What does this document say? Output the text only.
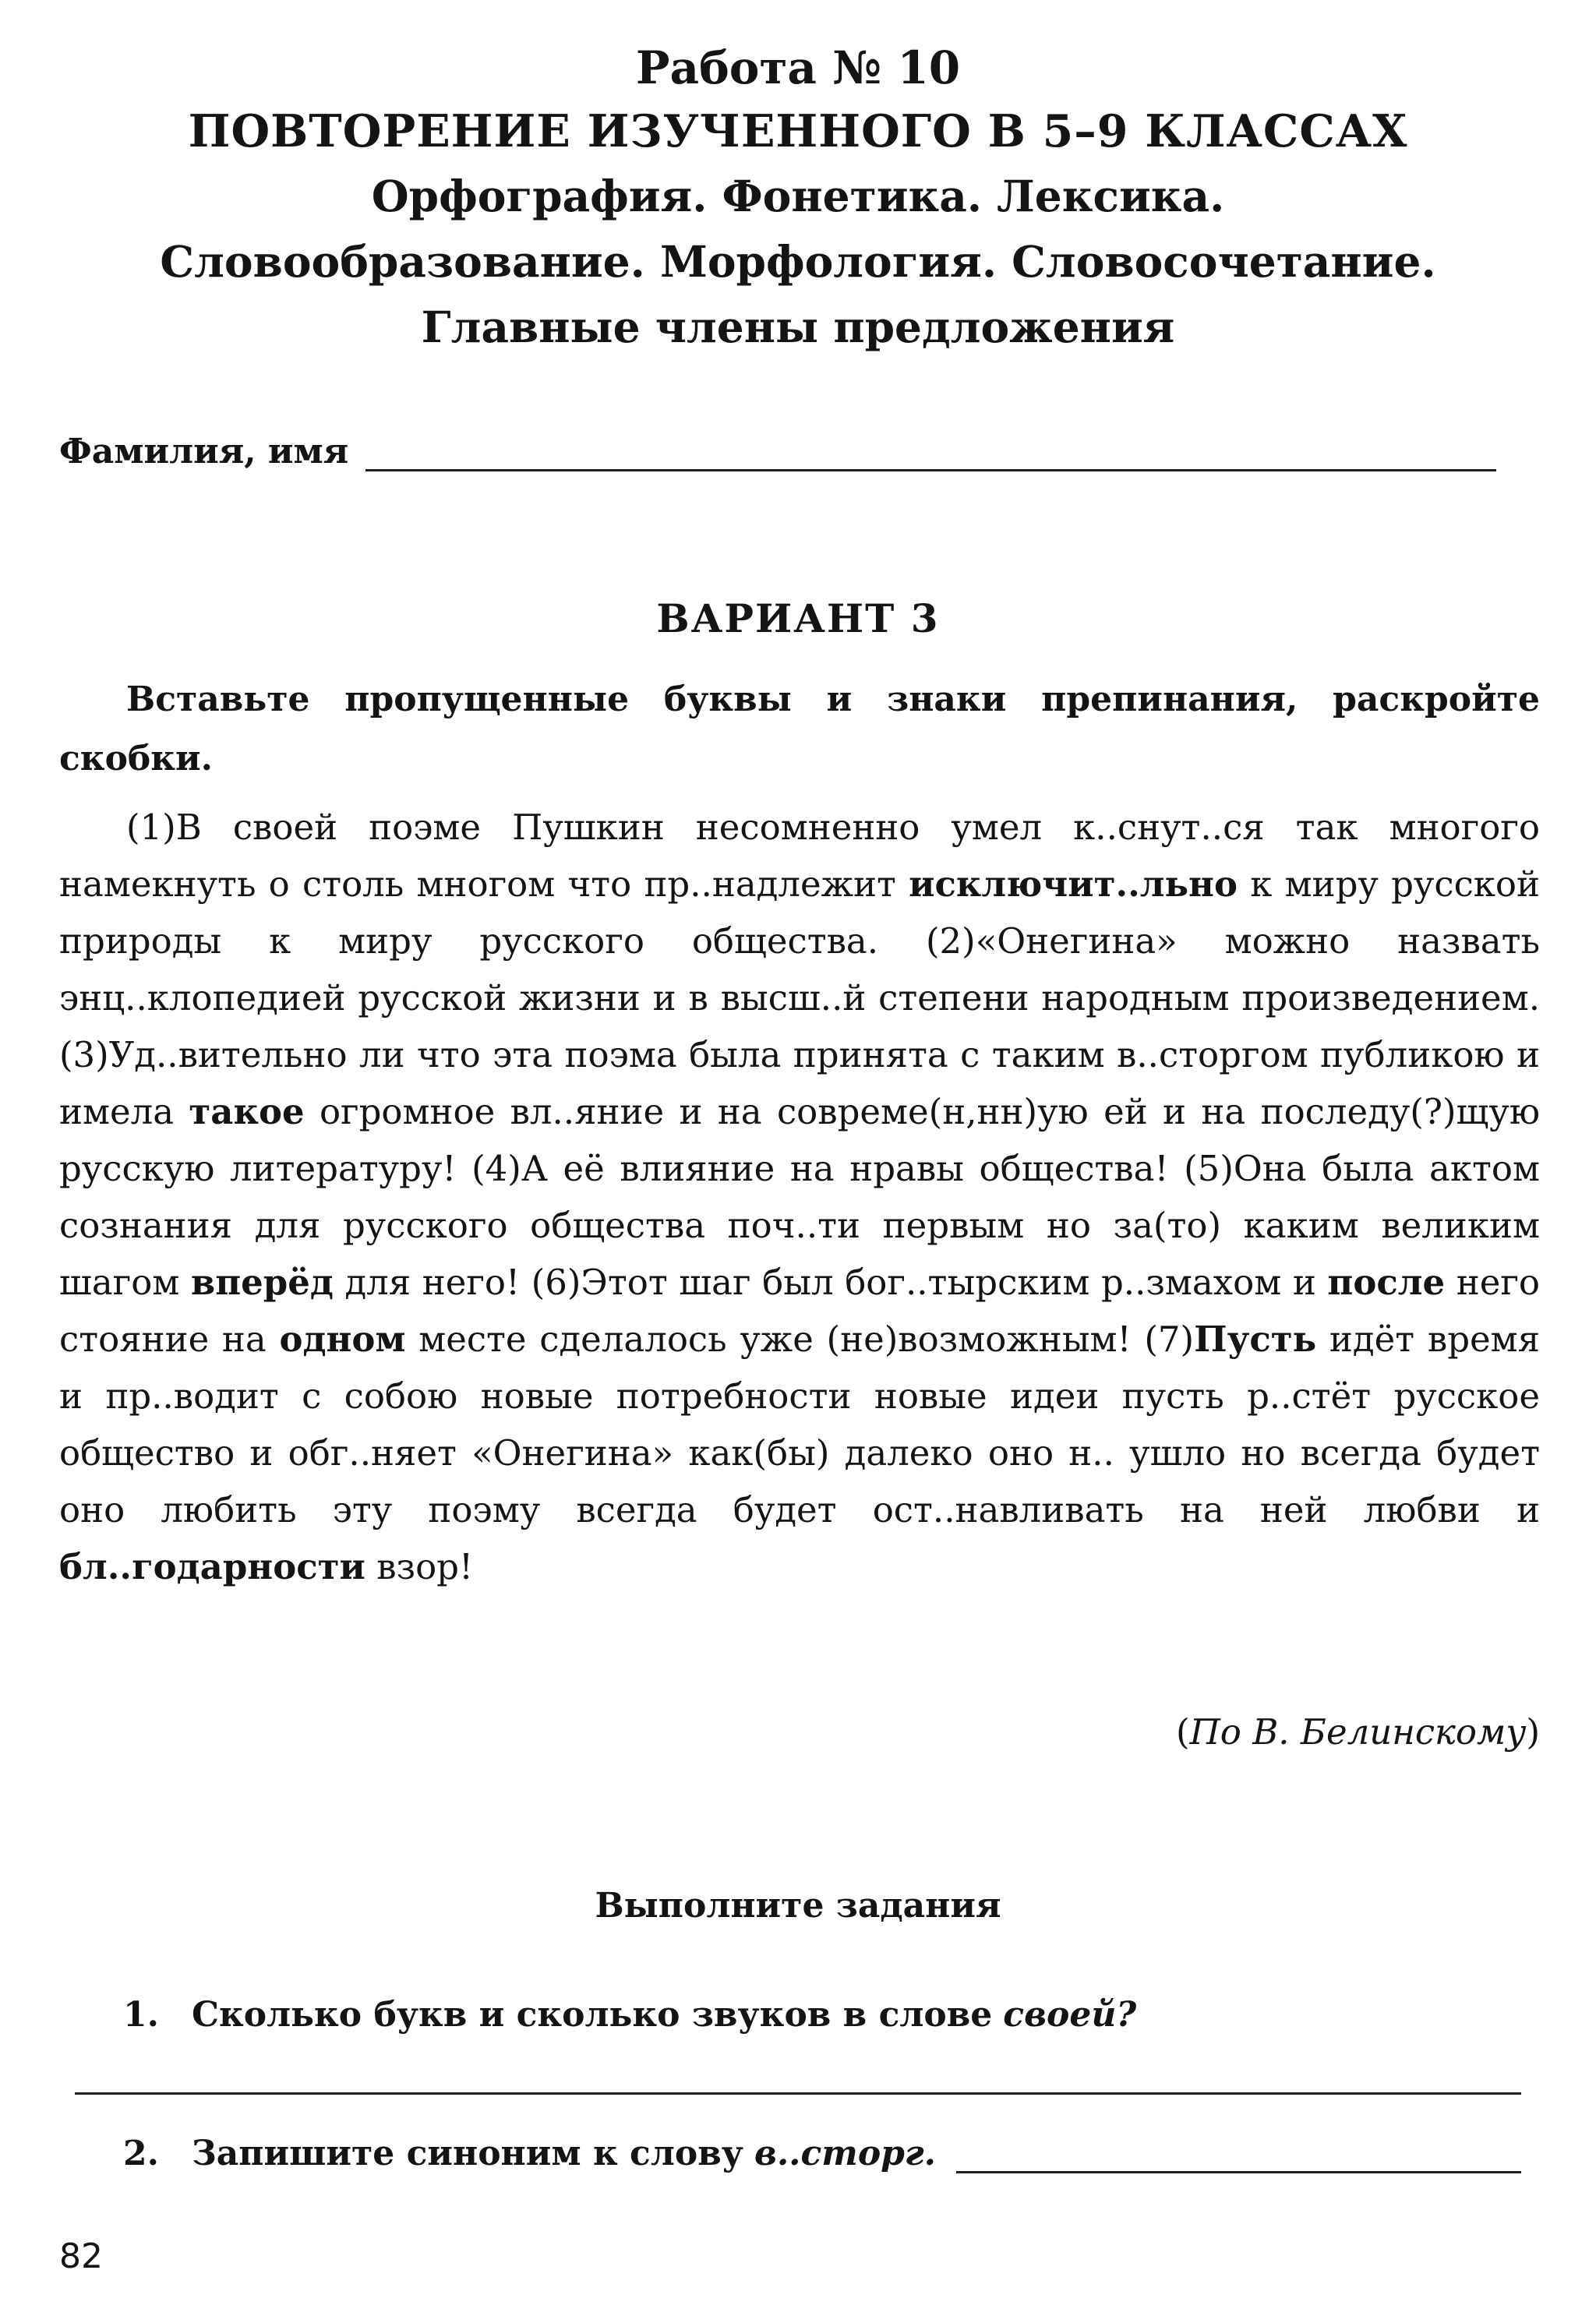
Работа № 10
ПОВТОРЕНИЕ ИЗУЧЕННОГО В 5–9 КЛАССАХ
Орфография. Фонетика. Лексика.
Словообразование. Морфология. Словосочетание.
Главные члены предложения
Фамилия, имя
ВАРИАНТ 3
Вставьте пропущенные буквы и знаки препинания, раскройте скобки.
(1)В своей поэме Пушкин несомненно умел к..снут..ся так многого намекнуть о столь многом что пр..надлежит исключит..льно к миру русской природы к миру русского общества. (2)«Онегина» можно назвать энц..клопедией русской жизни и в высш..й степени народным произведением. (3)Уд..вительно ли что эта поэма была принята с таким в..сторгом публикою и имела такое огромное вл..яние и на совреме(н,нн)ую ей и на последу(?)щую русскую литературу! (4)А её влияние на нравы общества! (5)Она была актом сознания для русского общества поч..ти первым но за(то) каким великим шагом вперёд для него! (6)Этот шаг был бог..тырским р..змахом и после него стояние на одном месте сделалось уже (не)возможным! (7)Пусть идёт время и пр..водит с собою новые потребности новые идеи пусть р..стёт русское общество и обг..няет «Онегина» как(бы) далеко оно н.. ушло но всегда будет оно любить эту поэму всегда будет ост..навливать на ней любви и бл..годарности взор!
(По В. Белинскому)
Выполните задания
1. Сколько букв и сколько звуков в слове своей?
2. Запишите синоним к слову в..сторг.
82
